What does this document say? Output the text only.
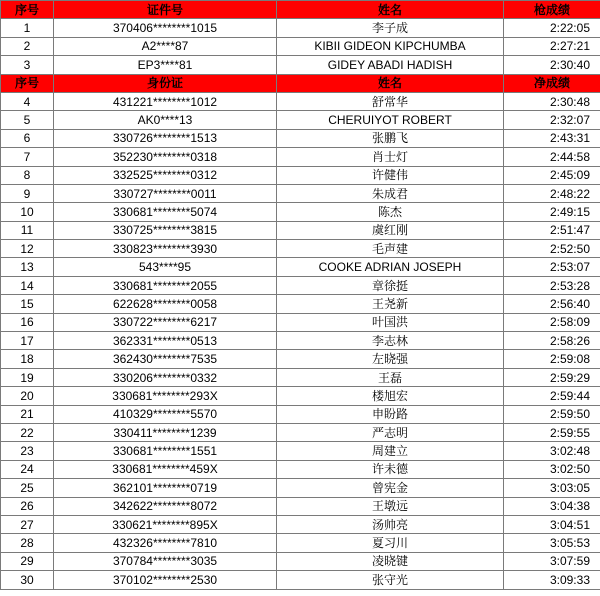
序号	证件号	姓名	枪成绩
1	370406********1015	李子成	2:22:05
2	A2****87	KIBII GIDEON KIPCHUMBA	2:27:21
3	EP3****81	GIDEY ABADI HADISH	2:30:40
序号	身份证	姓名	净成绩
4	431221********1012	舒常华	2:30:48
5	AK0****13	CHERUIYOT ROBERT	2:32:07
6	330726********1513	张鹏飞	2:43:31
7	352230********0318	肖士灯	2:44:58
8	332525********0312	许健伟	2:45:09
9	330727********0011	朱成君	2:48:22
10	330681********5074	陈杰	2:49:15
11	330725********3815	虞红刚	2:51:47
12	330823********3930	毛声建	2:52:50
13	543****95	COOKE ADRIAN JOSEPH	2:53:07
14	330681********2055	章徐挺	2:53:28
15	622628********0058	王尧新	2:56:40
16	330722********6217	叶国洪	2:58:09
17	362331********0513	李志林	2:58:26
18	362430********7535	左晓强	2:59:08
19	330206********0332	王磊	2:59:29
20	330681********293X	楼旭宏	2:59:44
21	410329********5570	申盼路	2:59:50
22	330411********1239	严志明	2:59:55
23	330681********1551	周建立	3:02:48
24	330681********459X	许未德	3:02:50
25	362101********0719	曾宪金	3:03:05
26	342622********8072	王墩远	3:04:38
27	330621********895X	汤帅亮	3:04:51
28	432326********7810	夏习川	3:05:53
29	370784********3035	凌晓键	3:07:59
30	370102********2530	张守光	3:09:33
